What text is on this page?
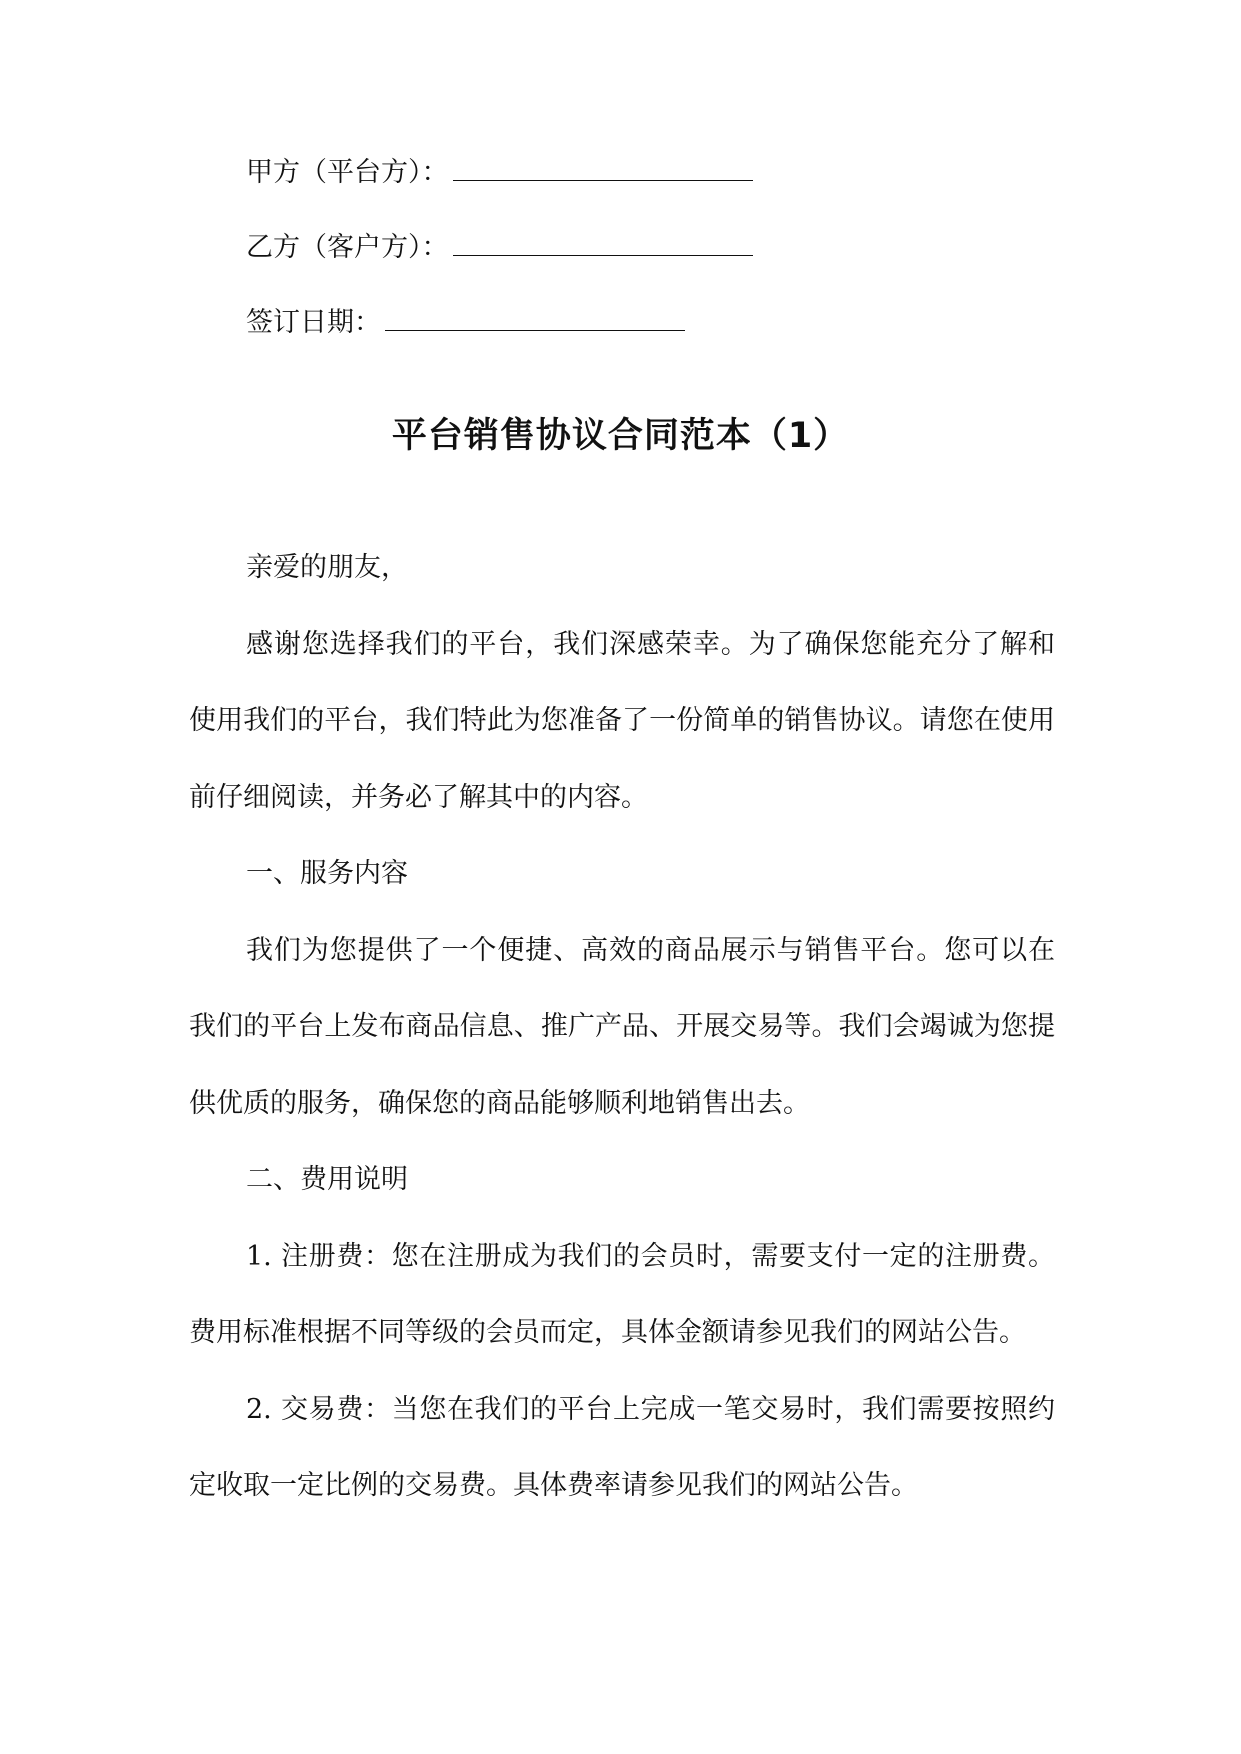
甲方（平台方）：
乙方（客户方）：
签订日期：
平台销售协议合同范本（1）

亲爱的朋友，

感谢您选择我们的平台，我们深感荣幸。为了确保您能充分了解和使用我们的平台，我们特此为您准备了一份简单的销售协议。请您在使用前仔细阅读，并务必了解其中的内容。

一、服务内容

我们为您提供了一个便捷、高效的商品展示与销售平台。您可以在我们的平台上发布商品信息、推广产品、开展交易等。我们会竭诚为您提供优质的服务，确保您的商品能够顺利地销售出去。

二、费用说明

1. 注册费：您在注册成为我们的会员时，需要支付一定的注册费。费用标准根据不同等级的会员而定，具体金额请参见我们的网站公告。

2. 交易费：当您在我们的平台上完成一笔交易时，我们需要按照约定收取一定比例的交易费。具体费率请参见我们的网站公告。
